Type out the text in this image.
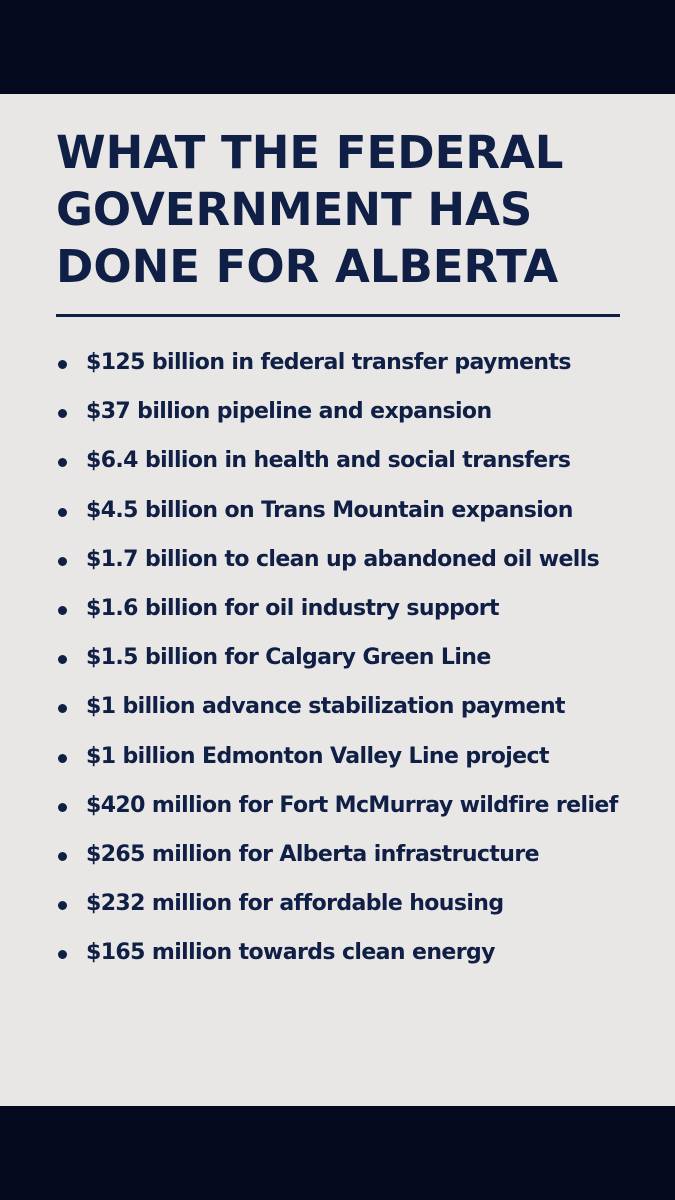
WHAT THE FEDERAL
GOVERNMENT HAS
DONE FOR ALBERTA
$125 billion in federal transfer payments
$37 billion pipeline and expansion
$6.4 billion in health and social transfers
$4.5 billion on Trans Mountain expansion
$1.7 billion to clean up abandoned oil wells
$1.6 billion for oil industry support
$1.5 billion for Calgary Green Line
$1 billion advance stabilization payment
$1 billion Edmonton Valley Line project
$420 million for Fort McMurray wildfire relief
$265 million for Alberta infrastructure
$232 million for affordable housing
$165 million towards clean energy
